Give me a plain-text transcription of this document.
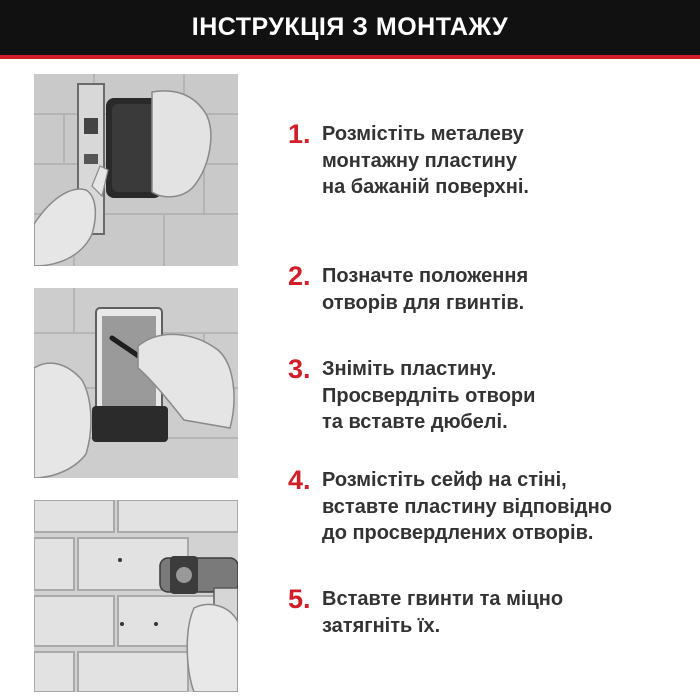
ІНСТРУКЦІЯ З МОНТАЖУ
1. Розмістіть металеву
монтажну пластину
на бажаній поверхні.
2. Позначте положення
отворів для гвинтів.
3. Зніміть пластину.
Просвердліть отвори
та вставте дюбелі.
4. Розмістіть сейф на стіні,
вставте пластину відповідно
до просвердлених отворів.
5. Вставте гвинти та міцно
затягніть їх.
